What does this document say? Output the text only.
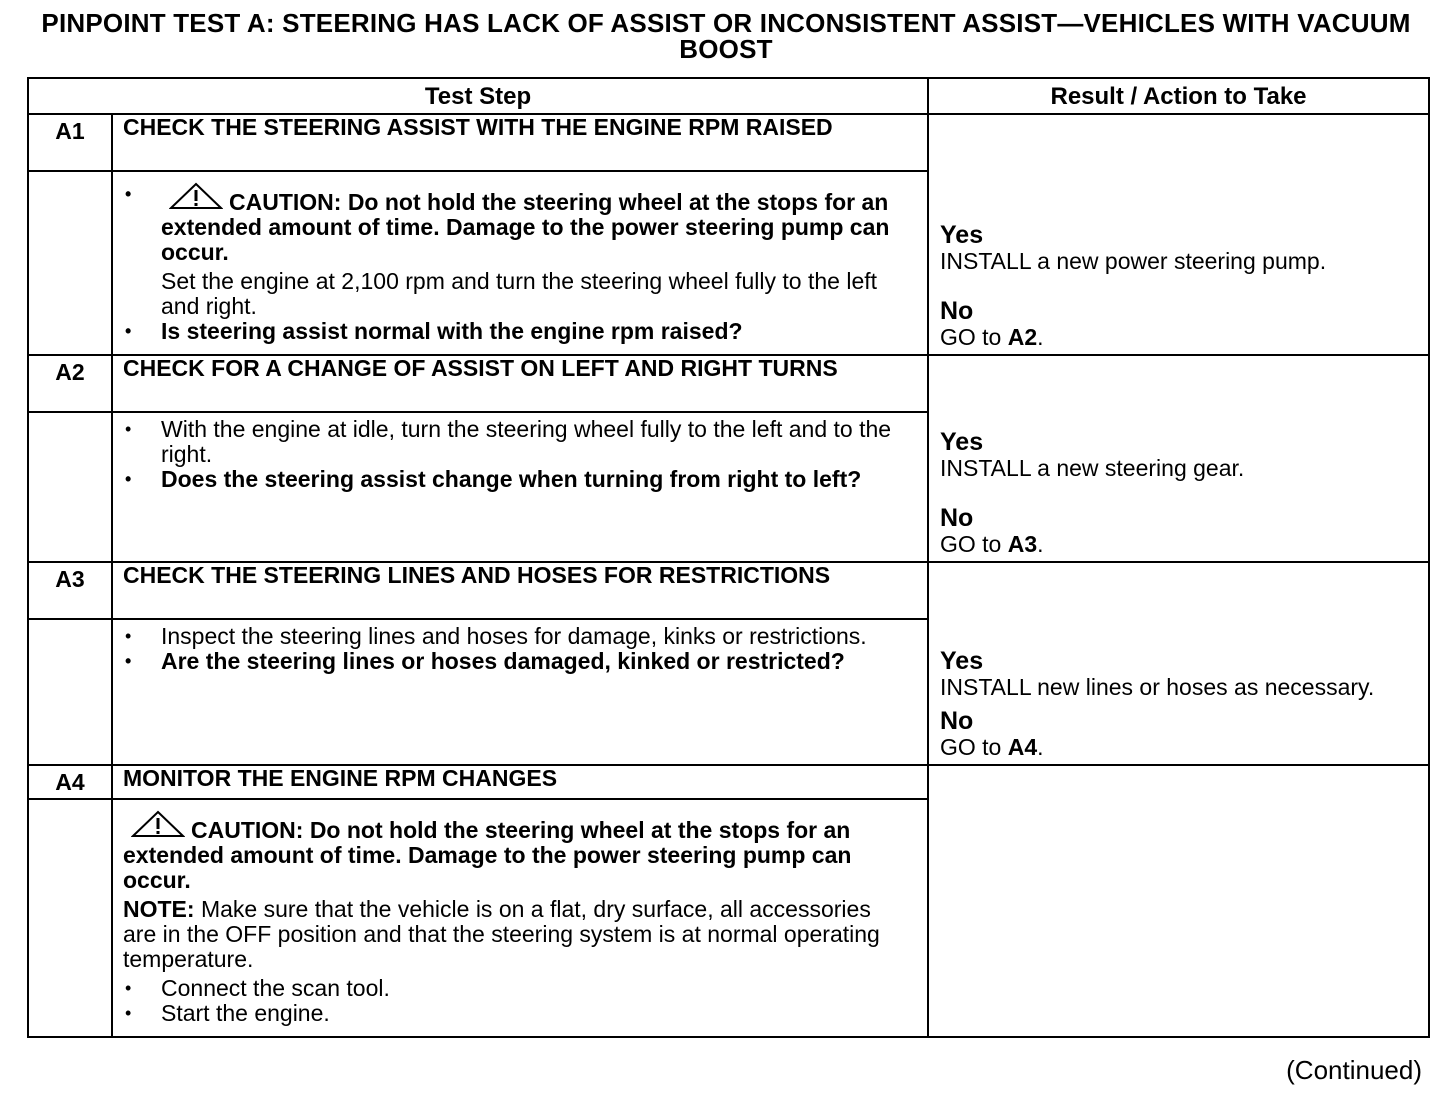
PINPOINT TEST A: STEERING HAS LACK OF ASSIST OR INCONSISTENT ASSIST—VEHICLES WITH VACUUM BOOST
Test Step		Result / Action to Take
A1	CHECK THE STEERING ASSIST WITH THE ENGINE RPM RAISED	Yes
INSTALL a new power steering pump.
No
GO to A2.

	• CAUTION: Do not hold the steering wheel at the stops for an extended amount of time. Damage to the power steering pump can occur.
Set the engine at 2,100 rpm and turn the steering wheel fully to the left and right.
• Is steering assist normal with the engine rpm raised?

A2	CHECK FOR A CHANGE OF ASSIST ON LEFT AND RIGHT TURNS	Yes
INSTALL a new steering gear.
No
GO to A3.

	• With the engine at idle, turn the steering wheel fully to the left and to the right.
• Does the steering assist change when turning from right to left?

A3	CHECK THE STEERING LINES AND HOSES FOR RESTRICTIONS	Yes
INSTALL new lines or hoses as necessary.
No
GO to A4.

	• Inspect the steering lines and hoses for damage, kinks or restrictions.
• Are the steering lines or hoses damaged, kinked or restricted?

A4	MONITOR THE ENGINE RPM CHANGES	

	CAUTION: Do not hold the steering wheel at the stops for an extended amount of time. Damage to the power steering pump can occur.
NOTE: Make sure that the vehicle is on a flat, dry surface, all accessories are in the OFF position and that the steering system is at normal operating temperature.
• Connect the scan tool.
• Start the engine.
(Continued)
